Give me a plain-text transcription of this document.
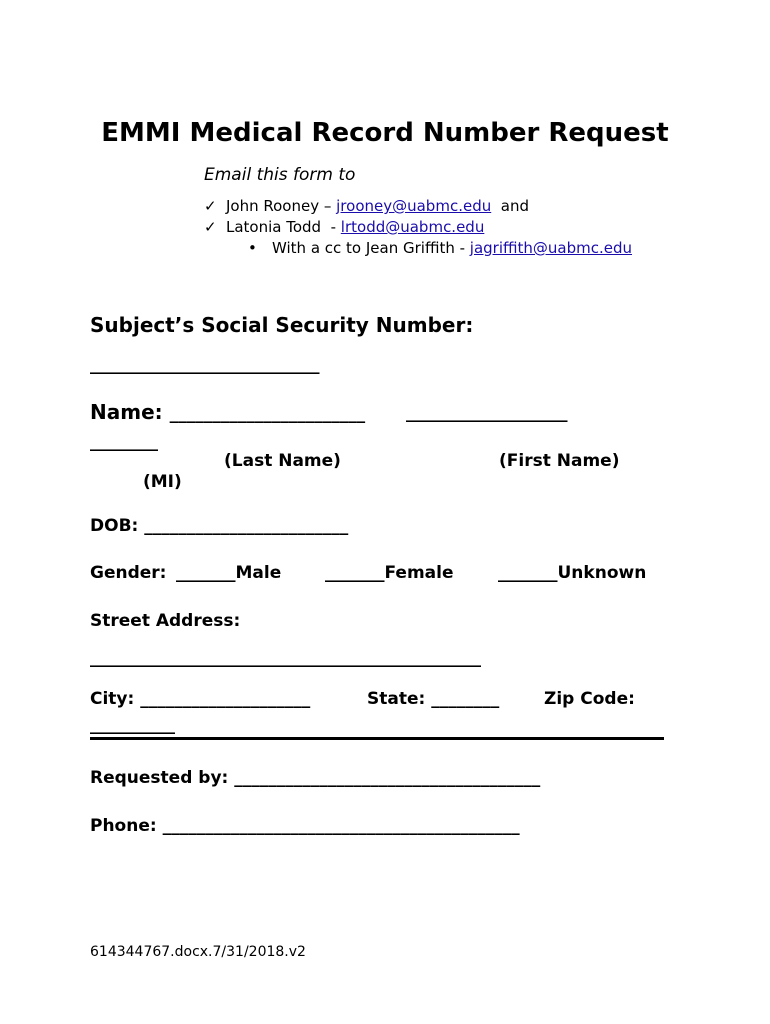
EMMI Medical Record Number Request
Email this form to
✓ John Rooney – jrooney@uabmc.edu  and
✓ Latonia Todd  - lrtodd@uabmc.edu
• With a cc to Jean Griffith - jagriffith@uabmc.edu
Subject’s Social Security Number:
___________________________
Name: _______________________ ___________________
________
(Last Name)	(First Name)
(MI)
DOB: ________________________
Gender: _______Male	_______Female	_______Unknown
Street Address:
______________________________________________
City: ____________________	State: ________	Zip Code:
__________
Requested by: ____________________________________
Phone: __________________________________________
614344767.docx.7/31/2018.v2
